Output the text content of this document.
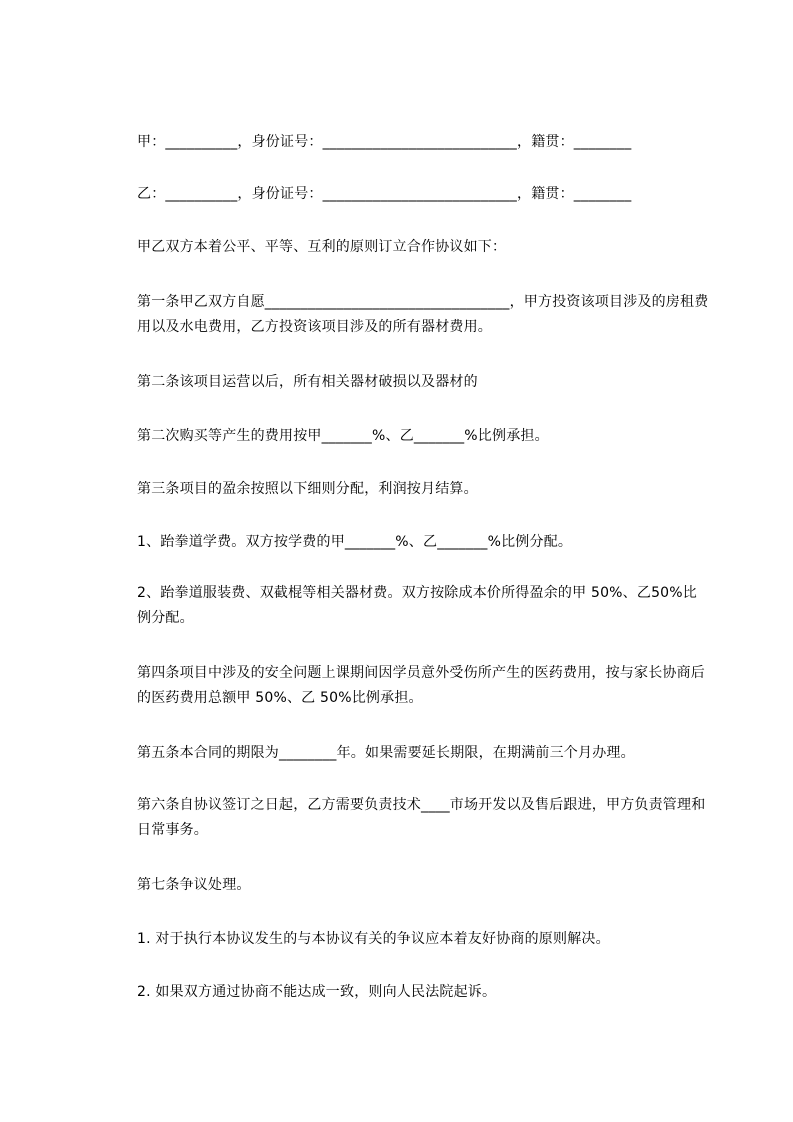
甲：__________，身份证号：___________________________，籍贯：________
乙：__________，身份证号：___________________________，籍贯：________
甲乙双方本着公平、平等、互利的原则订立合作协议如下：
第一条甲乙双方自愿__________________________________，甲方投资该项目涉及的房租费用以及水电费用，乙方投资该项目涉及的所有器材费用。
第二条该项目运营以后，所有相关器材破损以及器材的
第二次购买等产生的费用按甲_______%、乙_______%比例承担。
第三条项目的盈余按照以下细则分配，利润按月结算。
1、跆拳道学费。双方按学费的甲_______%、乙_______%比例分配。
2、跆拳道服装费、双截棍等相关器材费。双方按除成本价所得盈余的甲 50%、乙50%比例分配。
第四条项目中涉及的安全问题上课期间因学员意外受伤所产生的医药费用，按与家长协商后的医药费用总额甲 50%、乙 50%比例承担。
第五条本合同的期限为________年。如果需要延长期限，在期满前三个月办理。
第六条自协议签订之日起，乙方需要负责技术____市场开发以及售后跟进，甲方负责管理和日常事务。
第七条争议处理。
1. 对于执行本协议发生的与本协议有关的争议应本着友好协商的原则解决。
2. 如果双方通过协商不能达成一致，则向人民法院起诉。
